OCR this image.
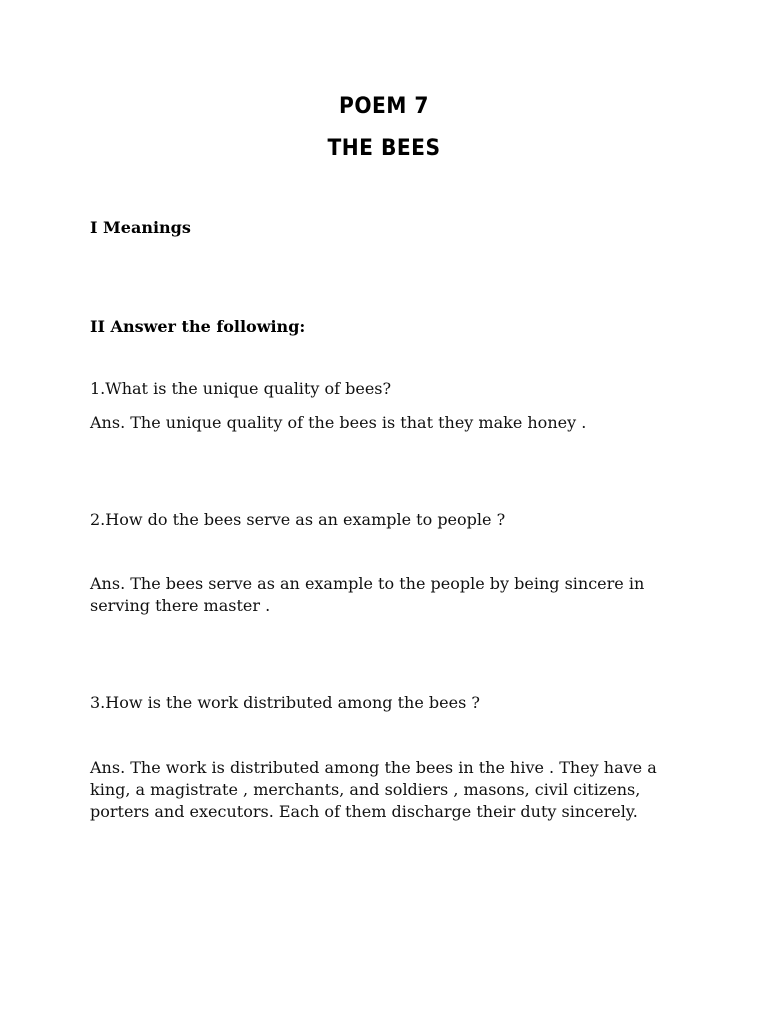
POEM 7
THE BEES

I Meanings

II Answer the following:

1.What is the unique quality of bees?

Ans. The unique quality of the bees is that they make honey .

2.How do the bees serve as an example to people ?

Ans. The bees serve as an example to the people by being sincere in serving there master .

3.How is the work distributed among the bees ?

Ans. The work is distributed among the bees in the hive . They have a king, a magistrate , merchants, and soldiers , masons, civil citizens, porters and executors. Each of them discharge their duty sincerely.
